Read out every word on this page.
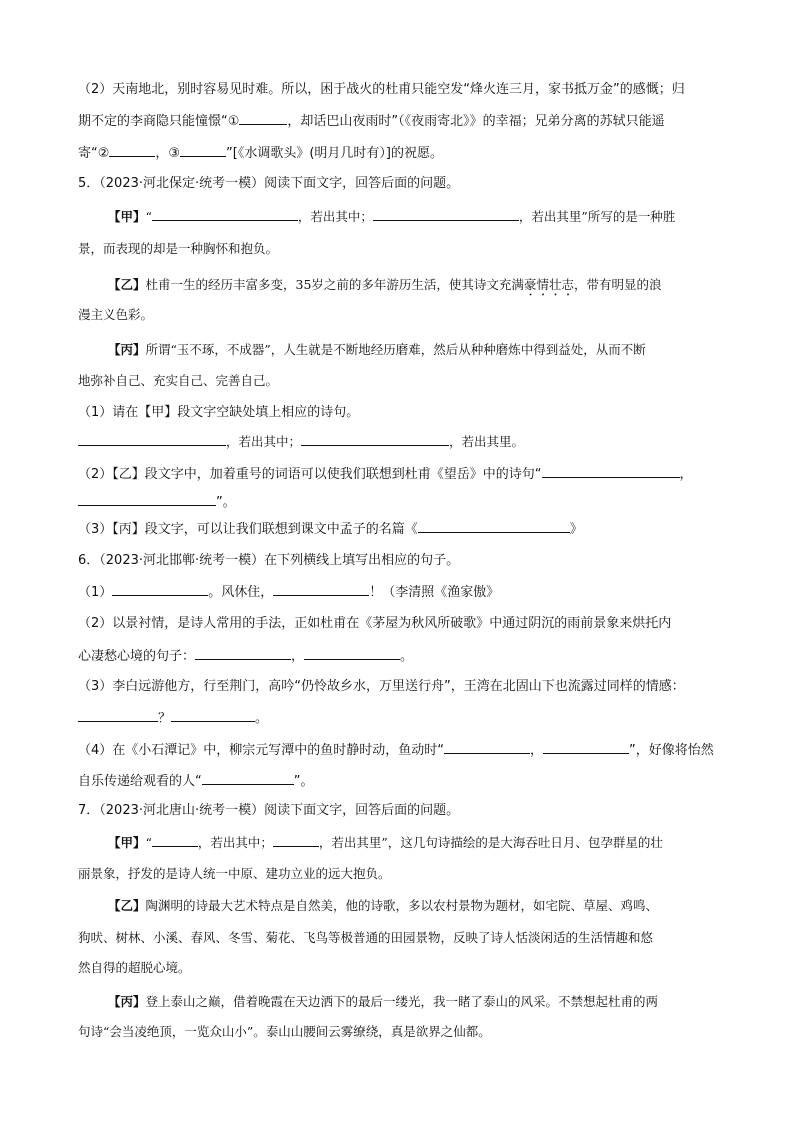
（2）天南地北，别时容易见时难。所以，困于战火的杜甫只能空发“烽火连三月，家书抵万金”的感慨；归
期不定的李商隐只能憧憬“①	，却话巴山夜雨时”（《夜雨寄北》》的幸福；兄弟分离的苏轼只能遥
寄“②	，③	”[《水调歌头》(明月几时有）]的祝愿。
5．（2023·河北保定·统考一模）阅读下面文字，回答后面的问题。
【甲】“	，若出其中；	，若出其里”所写的是一种胜
景，而表现的却是一种胸怀和抱负。
【乙】杜甫一生的经历丰富多变，35岁之前的多年游历生活，使其诗文充满豪情壮志，带有明显的浪
漫主义色彩。
【丙】所谓“玉不琢，不成器”，人生就是不断地经历磨难，然后从种种磨炼中得到益处，从而不断
地弥补自己、充实自己、完善自己。
（1）请在【甲】段文字空缺处填上相应的诗句。
，若出其中；	，若出其里。
（2）【乙】段文字中，加着重号的词语可以使我们联想到杜甫《望岳》中的诗句“	，
”。
（3）【丙】段文字，可以让我们联想到课文中孟子的名篇《	》
6．（2023·河北邯郸·统考一模）在下列横线上填写出相应的句子。
（1）	。风休住，	！（李清照《渔家傲》
（2）以景衬情，是诗人常用的手法，正如杜甫在《茅屋为秋风所破歌》中通过阴沉的雨前景象来烘托内
心凄愁心境的句子：	，	。
（3）李白远游他方，行至荆门，高吟“仍怜故乡水，万里送行舟”，王湾在北固山下也流露过同样的情感：
？	。
（4）在《小石潭记》中，柳宗元写潭中的鱼时静时动，鱼动时“	，	”，好像将怡然
自乐传递给观看的人“	”。
7．（2023·河北唐山·统考一模）阅读下面文字，回答后面的问题。
【甲】“	，若出其中；	，若出其里”，这几句诗描绘的是大海吞吐日月、包孕群星的壮
丽景象，抒发的是诗人统一中原、建功立业的远大抱负。
【乙】陶渊明的诗最大艺术特点是自然美，他的诗歌，多以农村景物为题材，如宅院、草屋、鸡鸣、
狗吠、树林、小溪、春风、冬雪、菊花、飞鸟等极普通的田园景物，反映了诗人恬淡闲适的生活情趣和悠
然自得的超脱心境。
【丙】登上泰山之巅，借着晚霞在天边洒下的最后一缕光，我一睹了泰山的风采。不禁想起杜甫的两
句诗“会当凌绝顶，一览众山小”。泰山山腰间云雾缭绕，真是欲界之仙都。
